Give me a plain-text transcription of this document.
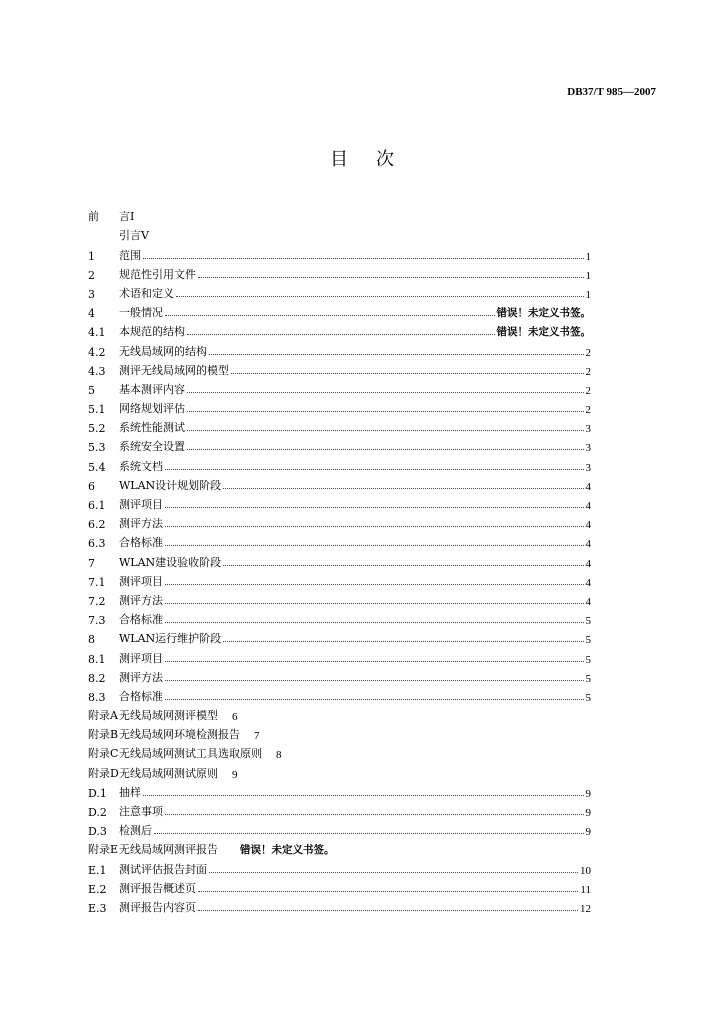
DB37/T 985—2007
目次
前	言I
引言V
1	范围	1
2	规范性引用文件	1
3	术语和定义	1
4	一般情况	错误！未定义书签。
4.1	本规范的结构	错误！未定义书签。
4.2	无线局域网的结构	2
4.3	测评无线局域网的模型	2
5	基本测评内容	2
5.1	网络规划评估	2
5.2	系统性能测试	3
5.3	系统安全设置	3
5.4	系统文档	3
6	WLAN设计规划阶段	4
6.1	测评项目	4
6.2	测评方法	4
6.3	合格标准	4
7	WLAN建设验收阶段	4
7.1	测评项目	4
7.2	测评方法	4
7.3	合格标准	5
8	WLAN运行维护阶段	5
8.1	测评项目	5
8.2	测评方法	5
8.3	合格标准	5
附录A 无线局域网测评模型 6
附录B 无线局域网环境检测报告 7
附录C 无线局域网测试工具选取原则 8
附录D 无线局域网测试原则 9
D.1	抽样	9
D.2	注意事项	9
D.3	检测后	9
附录E 无线局域网测评报告 错误！未定义书签。
E.1	测试评估报告封面	10
E.2	测评报告概述页	11
E.3	测评报告内容页	12
